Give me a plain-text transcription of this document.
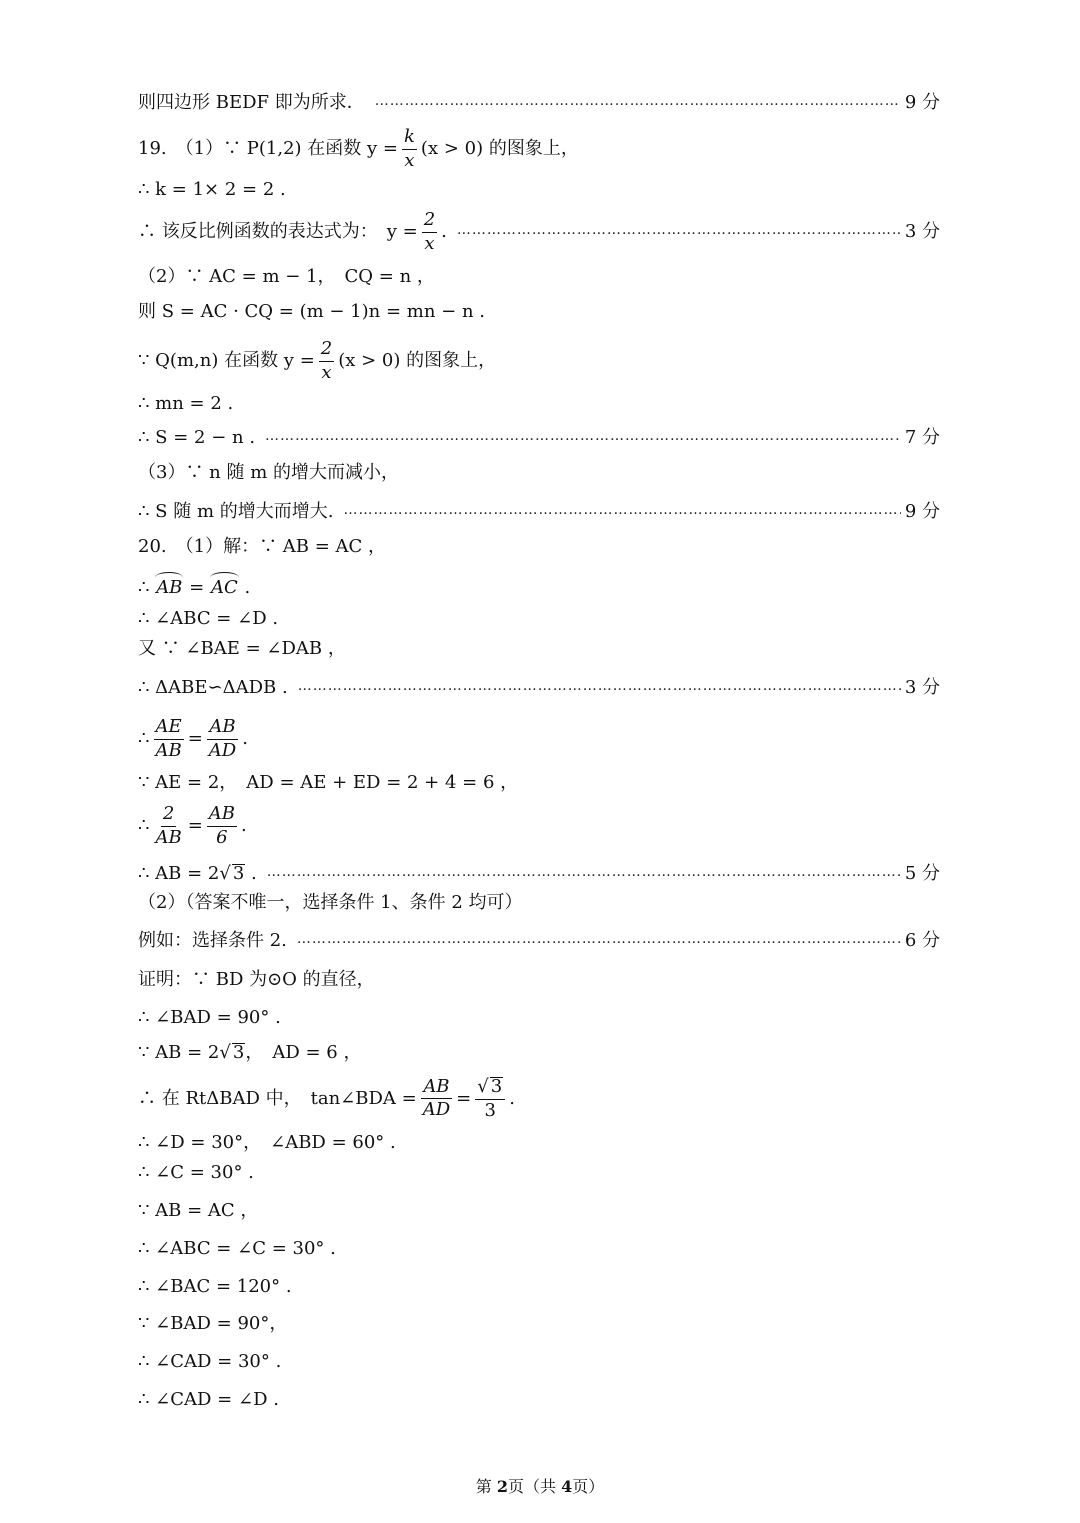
则四边形 BEDF 即为所求． ……………………………………………………………………………………………………………………………………………………………………………………………………………	9 分
19.　（1）∵ P(1,2) 在函数 $y = \frac{k}{x} (x > 0)$ 的图象上，
∴ k = 1× 2 = 2 .
∴ 该反比例函数的表达式为：　$y = \frac{2}{x}$ . ……………………………………………………………………………………………………………………………………………………………………………………………………………	3 分
（2）∵ AC = m − 1，　CQ = n ，
则 S = AC · CQ = (m − 1)n = mn − n .
∵ Q(m,n) 在函数 $y = \frac{2}{x} (x > 0)$ 的图象上，
∴ mn = 2 .
∴ S = 2 − n . ……………………………………………………………………………………………………………………………………………………………………………………………………………	7 分
（3）∵ n 随 m 的增大而减小，
∴ S 随 m 的增大而增大. ……………………………………………………………………………………………………………………………………………………………………………………………………………	9 分
20.　（1）解：∵ AB = AC ，
∴ AB = AC .
∴ ∠ABC = ∠D .
又 ∵ ∠BAE = ∠DAB ，
∴ ΔABE∽ΔADB . ……………………………………………………………………………………………………………………………………………………………………………………………………………	3 分
∴ $\frac{AE}{AB} = \frac{AB}{AD}$ .
∵ AE = 2，　AD = AE + ED = 2 + 4 = 6 ，
∴ $\frac{2}{AB} = \frac{AB}{6}$ .
∴ AB = 2 √ 3 . ……………………………………………………………………………………………………………………………………………………………………………………………………………	5 分
（2）（答案不唯一，选择条件 1、条件 2 均可）
例如：选择条件 2. ……………………………………………………………………………………………………………………………………………………………………………………………………………	6 分
证明：∵ BD 为⊙O 的直径，
∴ ∠BAD = 90° .
∵ AB = 2 √ 3 ，　AD = 6 ，
∴ 在 RtΔBAD 中，　tan∠BDA = $\frac{AB}{AD} = \frac{√ 3}{3}$ .
∴ ∠D = 30°，　∠ABD = 60° .
∴ ∠C = 30° .
∵ AB = AC ，
∴ ∠ABC = ∠C = 30° .
∴ ∠BAC = 120° .
∵ ∠BAD = 90°，
∴ ∠CAD = 30° .
∴ ∠CAD = ∠D .
第 2页（共 4页）
